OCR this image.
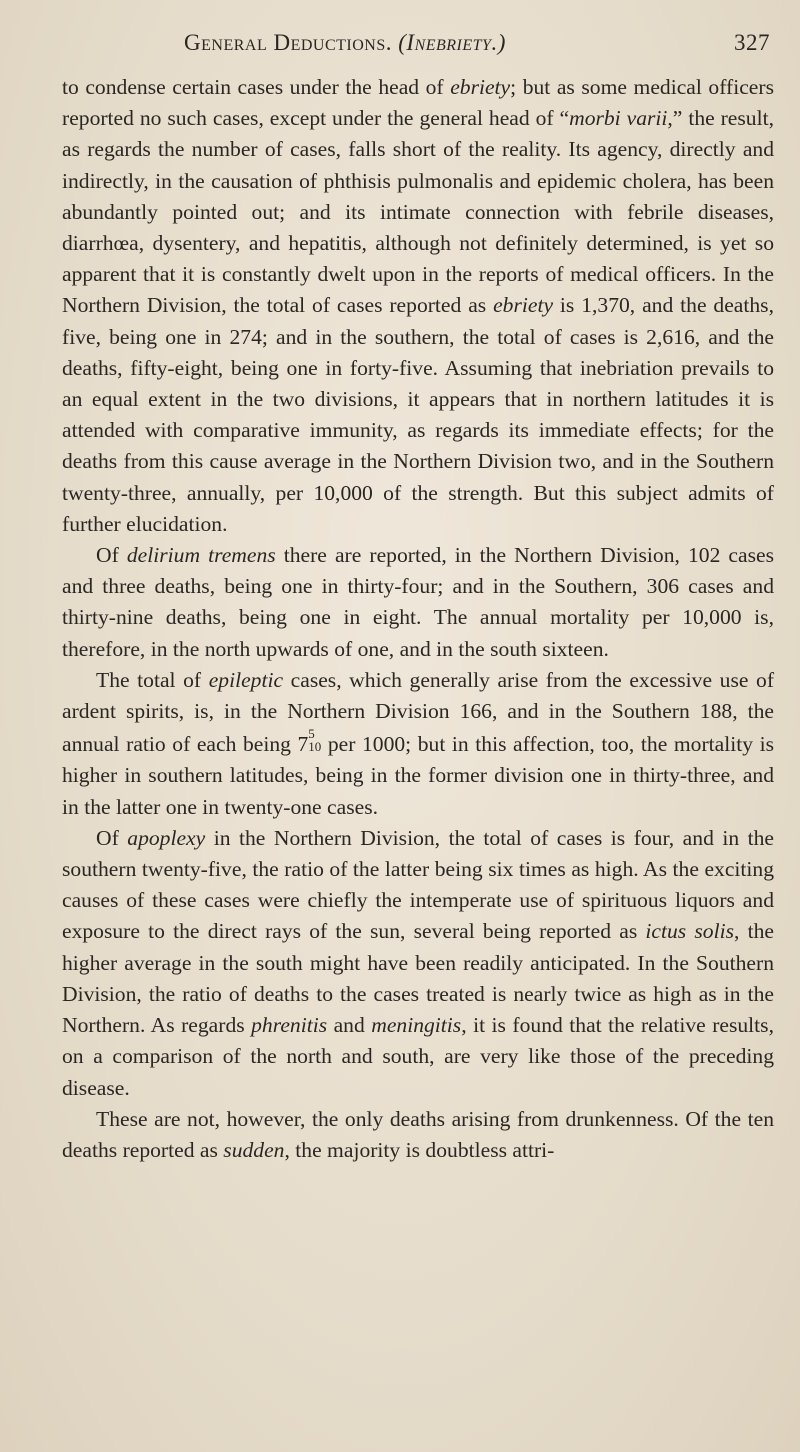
General Deductions. (Inebriety.)	327

to condense certain cases under the head of ebriety; but as some medical officers reported no such cases, except under the general head of “morbi varii,” the result, as regards the number of cases, falls short of the reality. Its agency, directly and indirectly, in the causation of phthisis pulmonalis and epidemic cholera, has been abundantly pointed out; and its intimate connection with febrile diseases, diarrhœa, dysentery, and hepatitis, although not definitely determined, is yet so apparent that it is constantly dwelt upon in the reports of medical officers. In the Northern Division, the total of cases reported as ebriety is 1,370, and the deaths, five, being one in 274; and in the southern, the total of cases is 2,616, and the deaths, fifty-eight, being one in forty-five. Assuming that inebriation prevails to an equal extent in the two divisions, it appears that in northern latitudes it is attended with comparative immunity, as regards its immediate effects; for the deaths from this cause average in the Northern Division two, and in the Southern twenty-three, annually, per 10,000 of the strength. But this subject admits of further elucidation.

Of delirium tremens there are reported, in the Northern Division, 102 cases and three deaths, being one in thirty-four; and in the Southern, 306 cases and thirty-nine deaths, being one in eight. The annual mortality per 10,000 is, therefore, in the north upwards of one, and in the south sixteen.

The total of epileptic cases, which generally arise from the excessive use of ardent spirits, is, in the Northern Division 166, and in the Southern 188, the annual ratio of each being 7 5
10 per 1000; but in this affection, too, the mortality is higher in southern latitudes, being in the former division one in thirty-three, and in the latter one in twenty-one cases.

Of apoplexy in the Northern Division, the total of cases is four, and in the southern twenty-five, the ratio of the latter being six times as high. As the exciting causes of these cases were chiefly the intemperate use of spirituous liquors and exposure to the direct rays of the sun, several being reported as ictus solis, the higher average in the south might have been readily anticipated. In the Southern Division, the ratio of deaths to the cases treated is nearly twice as high as in the Northern. As regards phrenitis and meningitis, it is found that the relative results, on a comparison of the north and south, are very like those of the preceding disease.

These are not, however, the only deaths arising from drunkenness. Of the ten deaths reported as sudden, the majority is doubtless attri-
